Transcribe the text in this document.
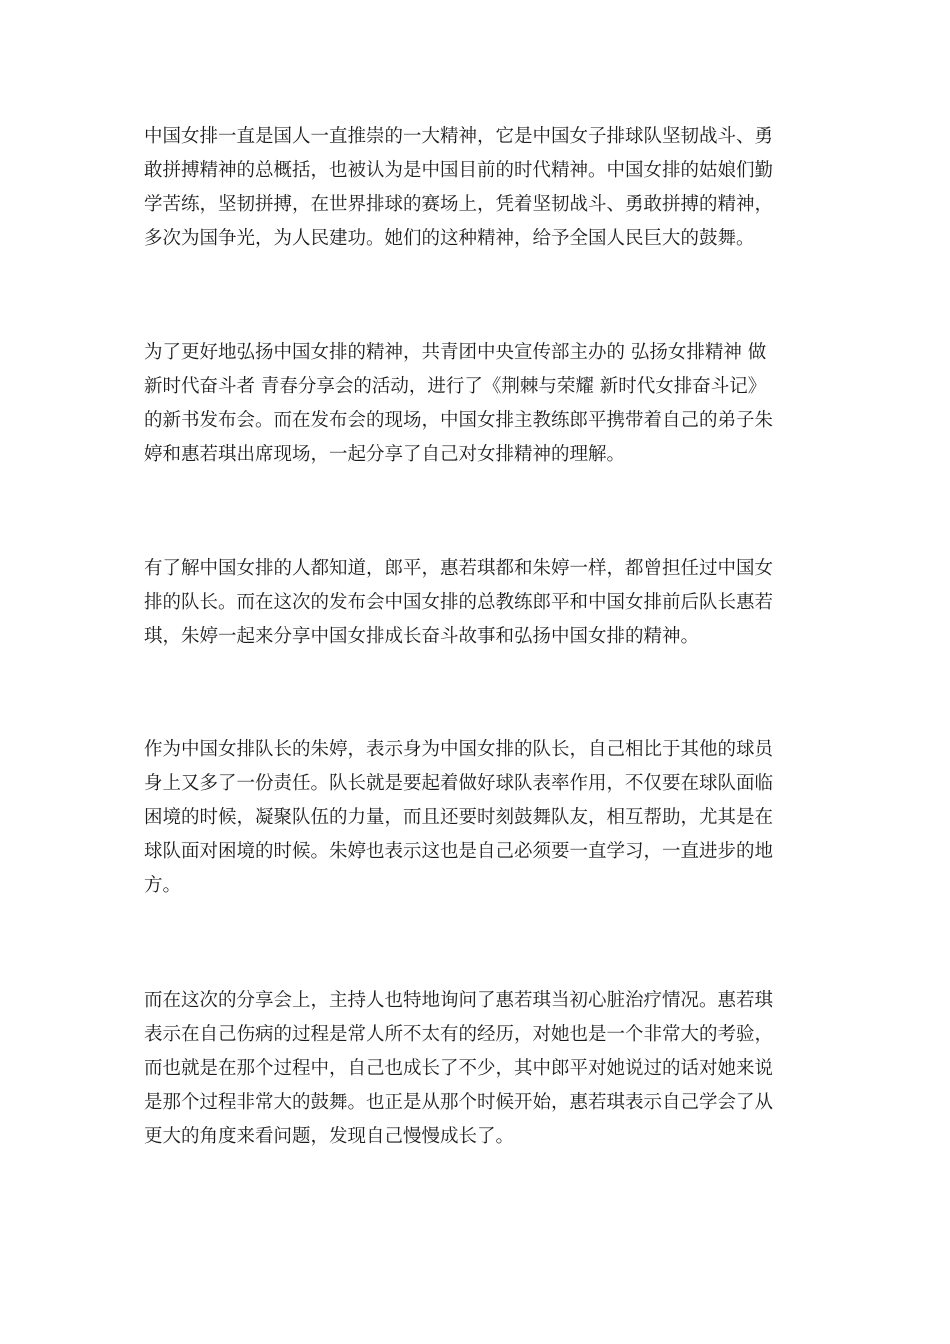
中国女排一直是国人一直推崇的一大精神，它是中国女子排球队坚韧战斗、勇
敢拼搏精神的总概括，也被认为是中国目前的时代精神。中国女排的姑娘们勤
学苦练，坚韧拼搏，在世界排球的赛场上，凭着坚韧战斗、勇敢拼搏的精神，
多次为国争光，为人民建功。她们的这种精神，给予全国人民巨大的鼓舞。

为了更好地弘扬中国女排的精神，共青团中央宣传部主办的 弘扬女排精神 做
新时代奋斗者 青春分享会的活动，进行了《荆棘与荣耀 新时代女排奋斗记》
的新书发布会。而在发布会的现场，中国女排主教练郎平携带着自己的弟子朱
婷和惠若琪出席现场，一起分享了自己对女排精神的理解。

有了解中国女排的人都知道，郎平，惠若琪都和朱婷一样，都曾担任过中国女
排的队长。而在这次的发布会中国女排的总教练郎平和中国女排前后队长惠若
琪，朱婷一起来分享中国女排成长奋斗故事和弘扬中国女排的精神。

作为中国女排队长的朱婷，表示身为中国女排的队长，自己相比于其他的球员
身上又多了一份责任。队长就是要起着做好球队表率作用，不仅要在球队面临
困境的时候，凝聚队伍的力量，而且还要时刻鼓舞队友，相互帮助，尤其是在
球队面对困境的时候。朱婷也表示这也是自己必须要一直学习，一直进步的地
方。

而在这次的分享会上，主持人也特地询问了惠若琪当初心脏治疗情况。惠若琪
表示在自己伤病的过程是常人所不太有的经历，对她也是一个非常大的考验，
而也就是在那个过程中，自己也成长了不少，其中郎平对她说过的话对她来说
是那个过程非常大的鼓舞。也正是从那个时候开始，惠若琪表示自己学会了从
更大的角度来看问题，发现自己慢慢成长了。
